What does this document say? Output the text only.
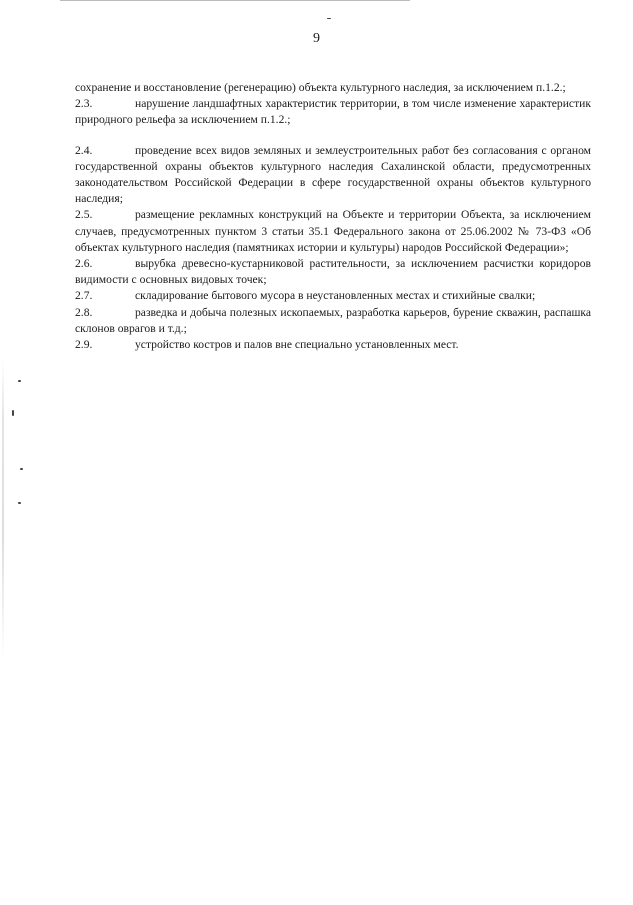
9

сохранение и восстановление (регенерацию) объекта культурного наследия, за исключением п.1.2.;

2.3.	нарушение ландшафтных характеристик территории, в том числе изменение характеристик природного рельефа за исключением п.1.2.;

2.4.	проведение всех видов земляных и землеустроительных работ без согласования с органом государственной охраны объектов культурного наследия Сахалинской области, предусмотренных законодательством Российской Федерации в сфере государственной охраны объектов культурного наследия;

2.5.	размещение рекламных конструкций на Объекте и территории Объекта, за исключением случаев, предусмотренных пунктом 3 статьи 35.1 Федерального закона от 25.06.2002 № 73-ФЗ «Об объектах культурного наследия (памятниках истории и культуры) народов Российской Федерации»;

2.6.	вырубка древесно-кустарниковой растительности, за исключением расчистки коридоров видимости с основных видовых точек;

2.7.	складирование бытового мусора в неустановленных местах и стихийные свалки;

2.8.	разведка и добыча полезных ископаемых, разработка карьеров, бурение скважин, распашка склонов оврагов и т.д.;

2.9.	устройство костров и палов вне специально установленных мест.
